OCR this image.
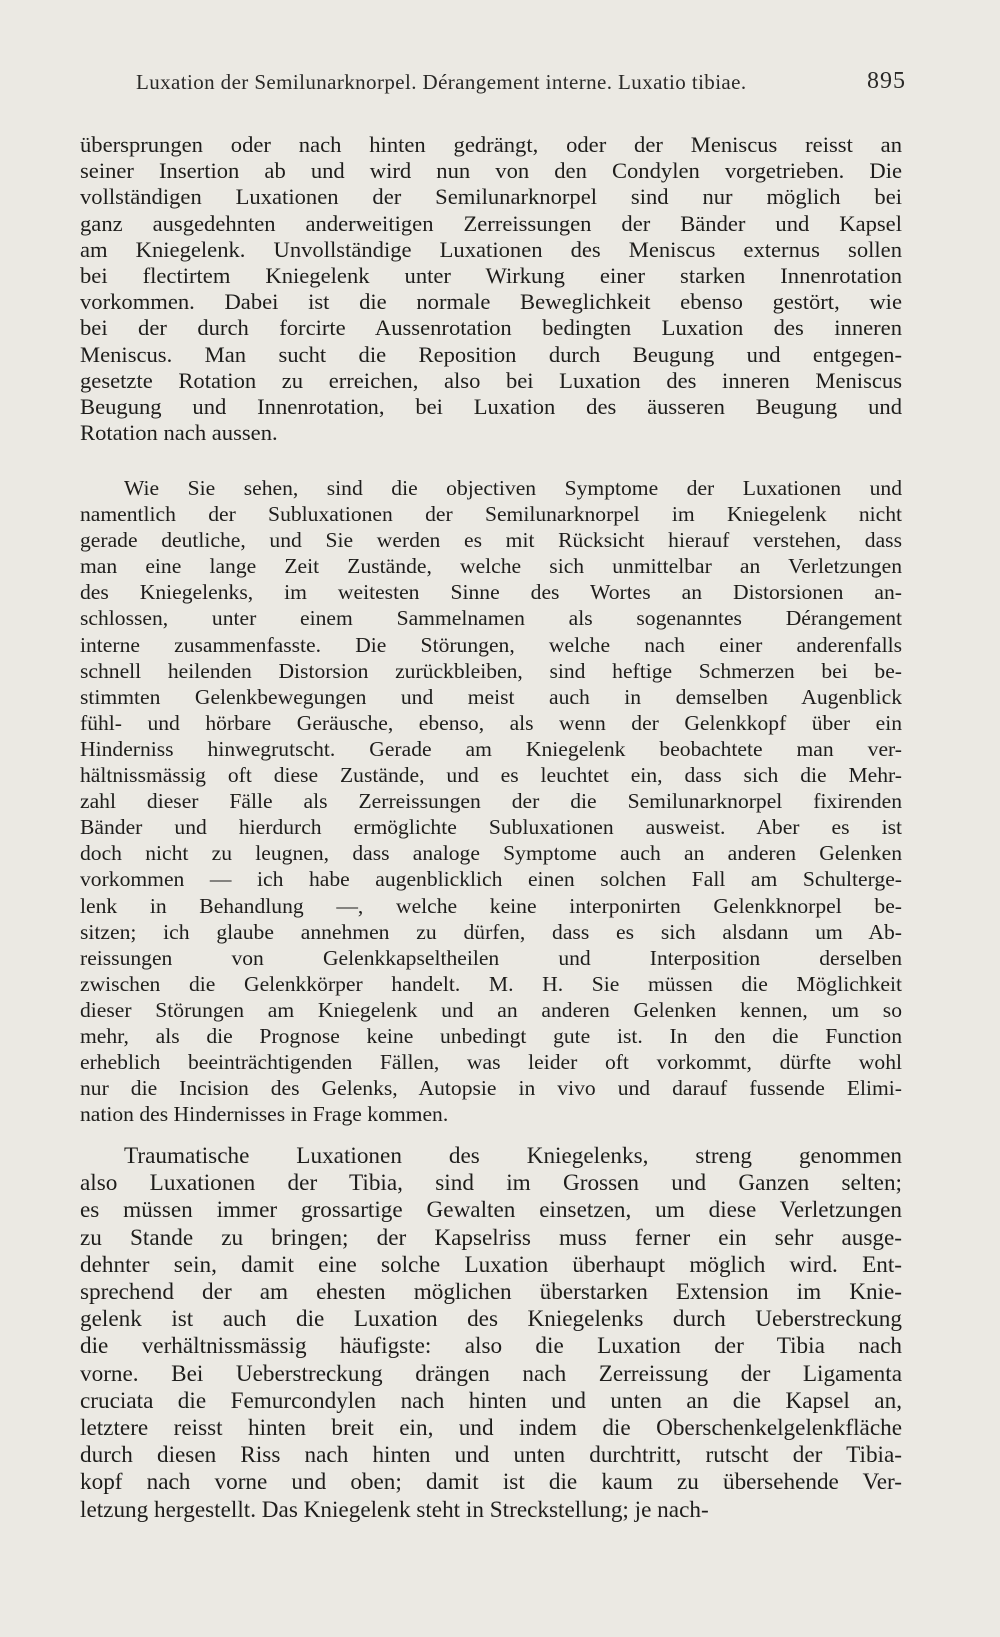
Luxation der Semilunarknorpel. Dérangement interne. Luxatio tibiae.	895
übersprungen oder nach hinten gedrängt, oder der Meniscus reisst an
seiner Insertion ab und wird nun von den Condylen vorgetrieben. Die
vollständigen Luxationen der Semilunarknorpel sind nur möglich bei
ganz ausgedehnten anderweitigen Zerreissungen der Bänder und Kapsel
am Kniegelenk. Unvollständige Luxationen des Meniscus externus sollen
bei flectirtem Kniegelenk unter Wirkung einer starken Innenrotation
vorkommen. Dabei ist die normale Beweglichkeit ebenso gestört, wie
bei der durch forcirte Aussenrotation bedingten Luxation des inneren
Meniscus. Man sucht die Reposition durch Beugung und entgegen-
gesetzte Rotation zu erreichen, also bei Luxation des inneren Meniscus
Beugung und Innenrotation, bei Luxation des äusseren Beugung und
Rotation nach aussen.
Wie Sie sehen, sind die objectiven Symptome der Luxationen und
namentlich der Subluxationen der Semilunarknorpel im Kniegelenk nicht
gerade deutliche, und Sie werden es mit Rücksicht hierauf verstehen, dass
man eine lange Zeit Zustände, welche sich unmittelbar an Verletzungen
des Kniegelenks, im weitesten Sinne des Wortes an Distorsionen an-
schlossen, unter einem Sammelnamen als sogenanntes Dérangement
interne zusammenfasste. Die Störungen, welche nach einer anderenfalls
schnell heilenden Distorsion zurückbleiben, sind heftige Schmerzen bei be-
stimmten Gelenkbewegungen und meist auch in demselben Augenblick
fühl- und hörbare Geräusche, ebenso, als wenn der Gelenkkopf über ein
Hinderniss hinwegrutscht. Gerade am Kniegelenk beobachtete man ver-
hältnissmässig oft diese Zustände, und es leuchtet ein, dass sich die Mehr-
zahl dieser Fälle als Zerreissungen der die Semilunarknorpel fixirenden
Bänder und hierdurch ermöglichte Subluxationen ausweist. Aber es ist
doch nicht zu leugnen, dass analoge Symptome auch an anderen Gelenken
vorkommen — ich habe augenblicklich einen solchen Fall am Schulterge-
lenk in Behandlung —, welche keine interponirten Gelenkknorpel be-
sitzen; ich glaube annehmen zu dürfen, dass es sich alsdann um Ab-
reissungen von Gelenkkapseltheilen und Interposition derselben
zwischen die Gelenkkörper handelt. M. H. Sie müssen die Möglichkeit
dieser Störungen am Kniegelenk und an anderen Gelenken kennen, um so
mehr, als die Prognose keine unbedingt gute ist. In den die Function
erheblich beeinträchtigenden Fällen, was leider oft vorkommt, dürfte wohl
nur die Incision des Gelenks, Autopsie in vivo und darauf fussende Elimi-
nation des Hindernisses in Frage kommen.
Traumatische Luxationen des Kniegelenks, streng genommen
also Luxationen der Tibia, sind im Grossen und Ganzen selten;
es müssen immer grossartige Gewalten einsetzen, um diese Verletzungen
zu Stande zu bringen; der Kapselriss muss ferner ein sehr ausge-
dehnter sein, damit eine solche Luxation überhaupt möglich wird. Ent-
sprechend der am ehesten möglichen überstarken Extension im Knie-
gelenk ist auch die Luxation des Kniegelenks durch Ueberstreckung
die verhältnissmässig häufigste: also die Luxation der Tibia nach
vorne. Bei Ueberstreckung drängen nach Zerreissung der Ligamenta
cruciata die Femurcondylen nach hinten und unten an die Kapsel an,
letztere reisst hinten breit ein, und indem die Oberschenkelgelenkfläche
durch diesen Riss nach hinten und unten durchtritt, rutscht der Tibia-
kopf nach vorne und oben; damit ist die kaum zu übersehende Ver-
letzung hergestellt. Das Kniegelenk steht in Streckstellung; je nach-
